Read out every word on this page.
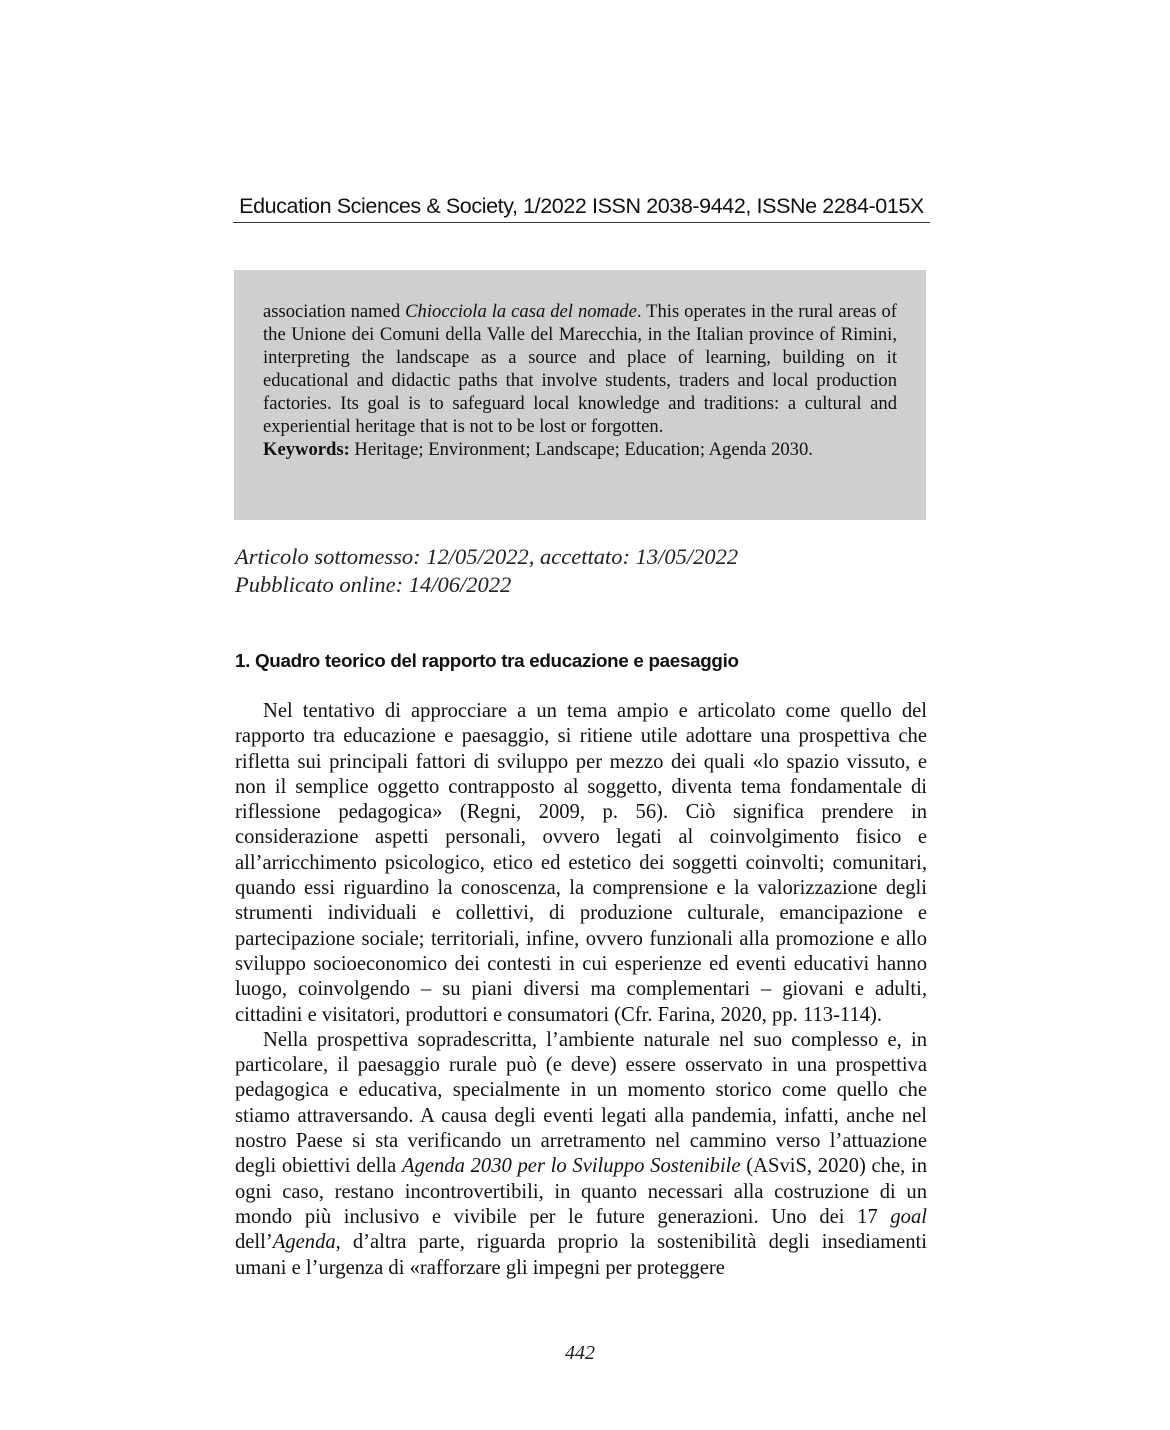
Education Sciences & Society, 1/2022 ISSN 2038-9442, ISSNe 2284-015X

association named Chiocciola la casa del nomade. This operates in the rural areas of the Unione dei Comuni della Valle del Marecchia, in the Italian province of Rimini, interpreting the landscape as a source and place of learning, building on it educational and didactic paths that involve students, traders and local production factories. Its goal is to safeguard local knowledge and traditions: a cultural and experiential heritage that is not to be lost or forgotten.
Keywords: Heritage; Environment; Landscape; Education; Agenda 2030.

Articolo sottomesso: 12/05/2022, accettato: 13/05/2022
Pubblicato online: 14/06/2022
1. Quadro teorico del rapporto tra educazione e paesaggio

Nel tentativo di approcciare a un tema ampio e articolato come quello del rapporto tra educazione e paesaggio, si ritiene utile adottare una prospettiva che rifletta sui principali fattori di sviluppo per mezzo dei quali «lo spazio vissuto, e non il semplice oggetto contrapposto al soggetto, diventa tema fondamentale di riflessione pedagogica» (Regni, 2009, p. 56). Ciò significa prendere in considerazione aspetti personali, ovvero legati al coinvolgimento fisico e all’arricchimento psicologico, etico ed estetico dei soggetti coinvolti; comunitari, quando essi riguardino la conoscenza, la comprensione e la valorizzazione degli strumenti individuali e collettivi, di produzione culturale, emancipazione e partecipazione sociale; territoriali, infine, ovvero funzionali alla promozione e allo sviluppo socioeconomico dei contesti in cui esperienze ed eventi educativi hanno luogo, coinvolgendo – su piani diversi ma complementari – giovani e adulti, cittadini e visitatori, produttori e consumatori (Cfr. Farina, 2020, pp. 113-114).

Nella prospettiva sopradescritta, l’ambiente naturale nel suo complesso e, in particolare, il paesaggio rurale può (e deve) essere osservato in una prospettiva pedagogica e educativa, specialmente in un momento storico come quello che stiamo attraversando. A causa degli eventi legati alla pandemia, infatti, anche nel nostro Paese si sta verificando un arretramento nel cammino verso l’attuazione degli obiettivi della Agenda 2030 per lo Sviluppo Sostenibile (ASviS, 2020) che, in ogni caso, restano incontrovertibili, in quanto necessari alla costruzione di un mondo più inclusivo e vivibile per le future generazioni. Uno dei 17 goal dell’Agenda, d’altra parte, riguarda proprio la sostenibilità degli insediamenti umani e l’urgenza di «rafforzare gli impegni per proteggere

442
